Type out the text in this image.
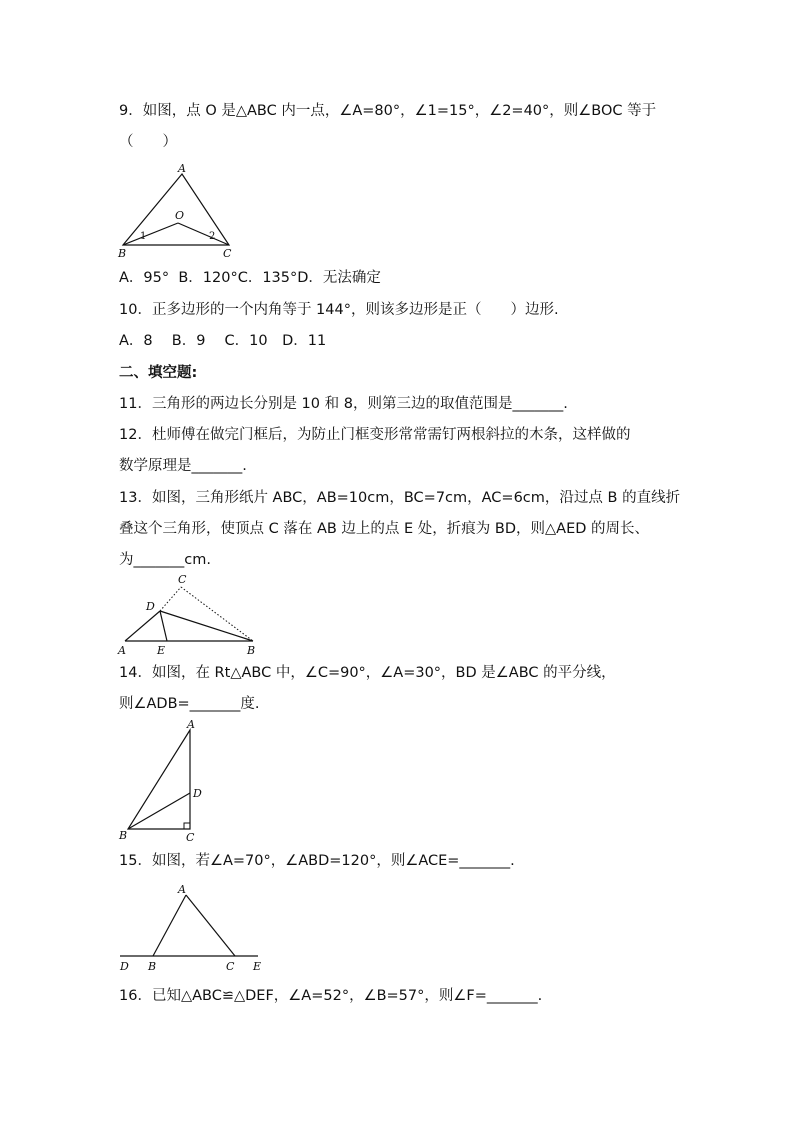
9．如图，点 O 是△ABC 内一点，∠A=80°，∠1=15°，∠2=40°，则∠BOC 等于
（　　）
A
B	C
O
1	2
A．95°  B．120°C．135°D．无法确定
10．正多边形的一个内角等于 144°，则该多边形是正（　　）边形.
A．8　 B．9　 C．10　D．11
二、填空题:
11．三角形的两边长分别是 10 和 8，则第三边的取值范围是_______.
12．杜师傅在做完门框后，为防止门框变形常常需钉两根斜拉的木条，这样做的
数学原理是_______.
13．如图，三角形纸片 ABC，AB=10cm，BC=7cm，AC=6cm，沿过点 B 的直线折
叠这个三角形，使顶点 C 落在 AB 边上的点 E 处，折痕为 BD，则△AED 的周长、
为_______cm.
A	E	B
D
C
14．如图，在 Rt△ABC 中，∠C=90°，∠A=30°，BD 是∠ABC 的平分线，
则∠ADB=_______度.
A
B	C
D
15．如图，若∠A=70°，∠ABD=120°，则∠ACE=_______.
A
D B	C E
16．已知△ABC≌△DEF，∠A=52°，∠B=57°，则∠F=_______.
